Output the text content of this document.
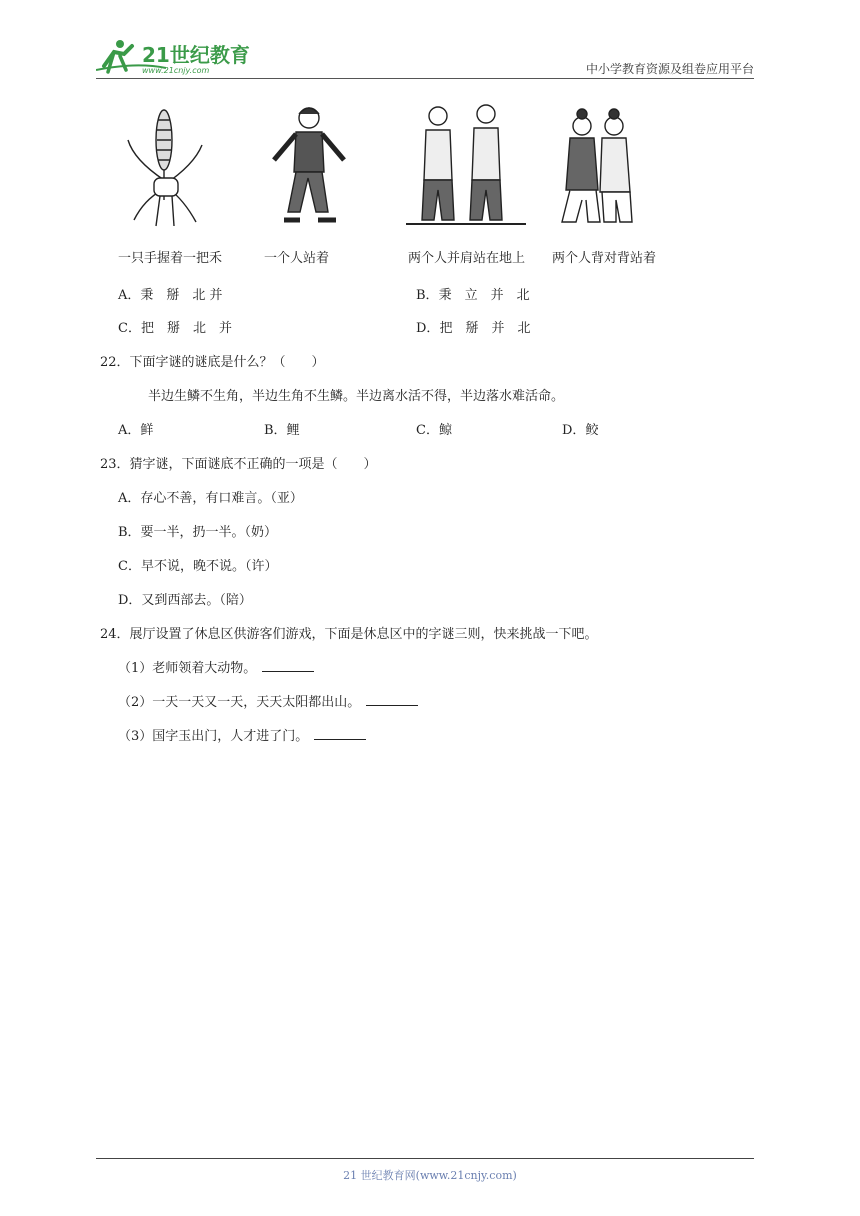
21世纪教育
www.21cnjy.com	中小学教育资源及组卷应用平台
一只手握着一把禾	一个人站着	两个人并肩站在地上 两个人背对背站着
A．秉　掰　北 并	B．秉　立　并　北
C．把　掰　北　并	D．把　掰　并　北
22．下面字谜的谜底是什么？（　　）
半边生鳞不生角，半边生角不生鳞。半边离水活不得，半边落水难活命。
A．鲜	B．鲤	C．鲸	D．鲛
23．猜字谜，下面谜底不正确的一项是（　　）
A．存心不善，有口难言。（亚）
B．要一半，扔一半。（奶）
C．早不说，晚不说。（许）
D．又到西部去。（陪）
24．展厅设置了休息区供游客们游戏，下面是休息区中的字谜三则，快来挑战一下吧。
（1）老师领着大动物。
（2）一天一天又一天，天天太阳都出山。
（3）国字玉出门，人才进了门。
21 世纪教育网(www.21cnjy.com)
